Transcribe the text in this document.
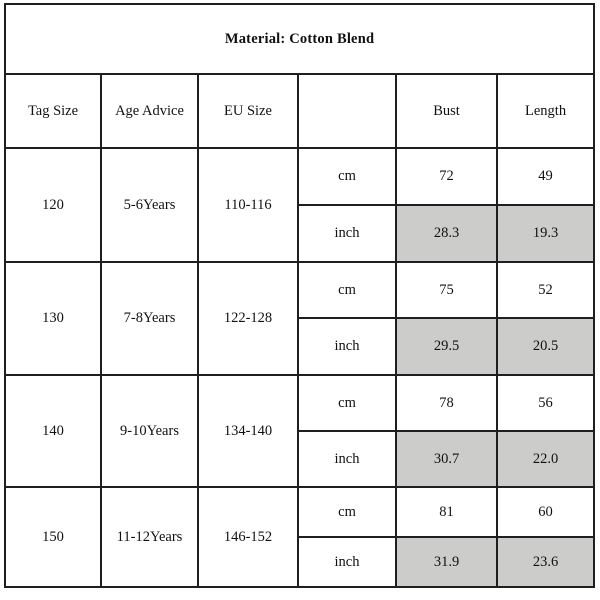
Material: Cotton Blend					
Tag Size	Age Advice	EU Size		Bust	Length
120	5-6Years	110-116	cm	72	49
			inch	28.3	19.3
130	7-8Years	122-128	cm	75	52
			inch	29.5	20.5
140	9-10Years	134-140	cm	78	56
			inch	30.7	22.0
150	11-12Years	146-152	cm	81	60
			inch	31.9	23.6
